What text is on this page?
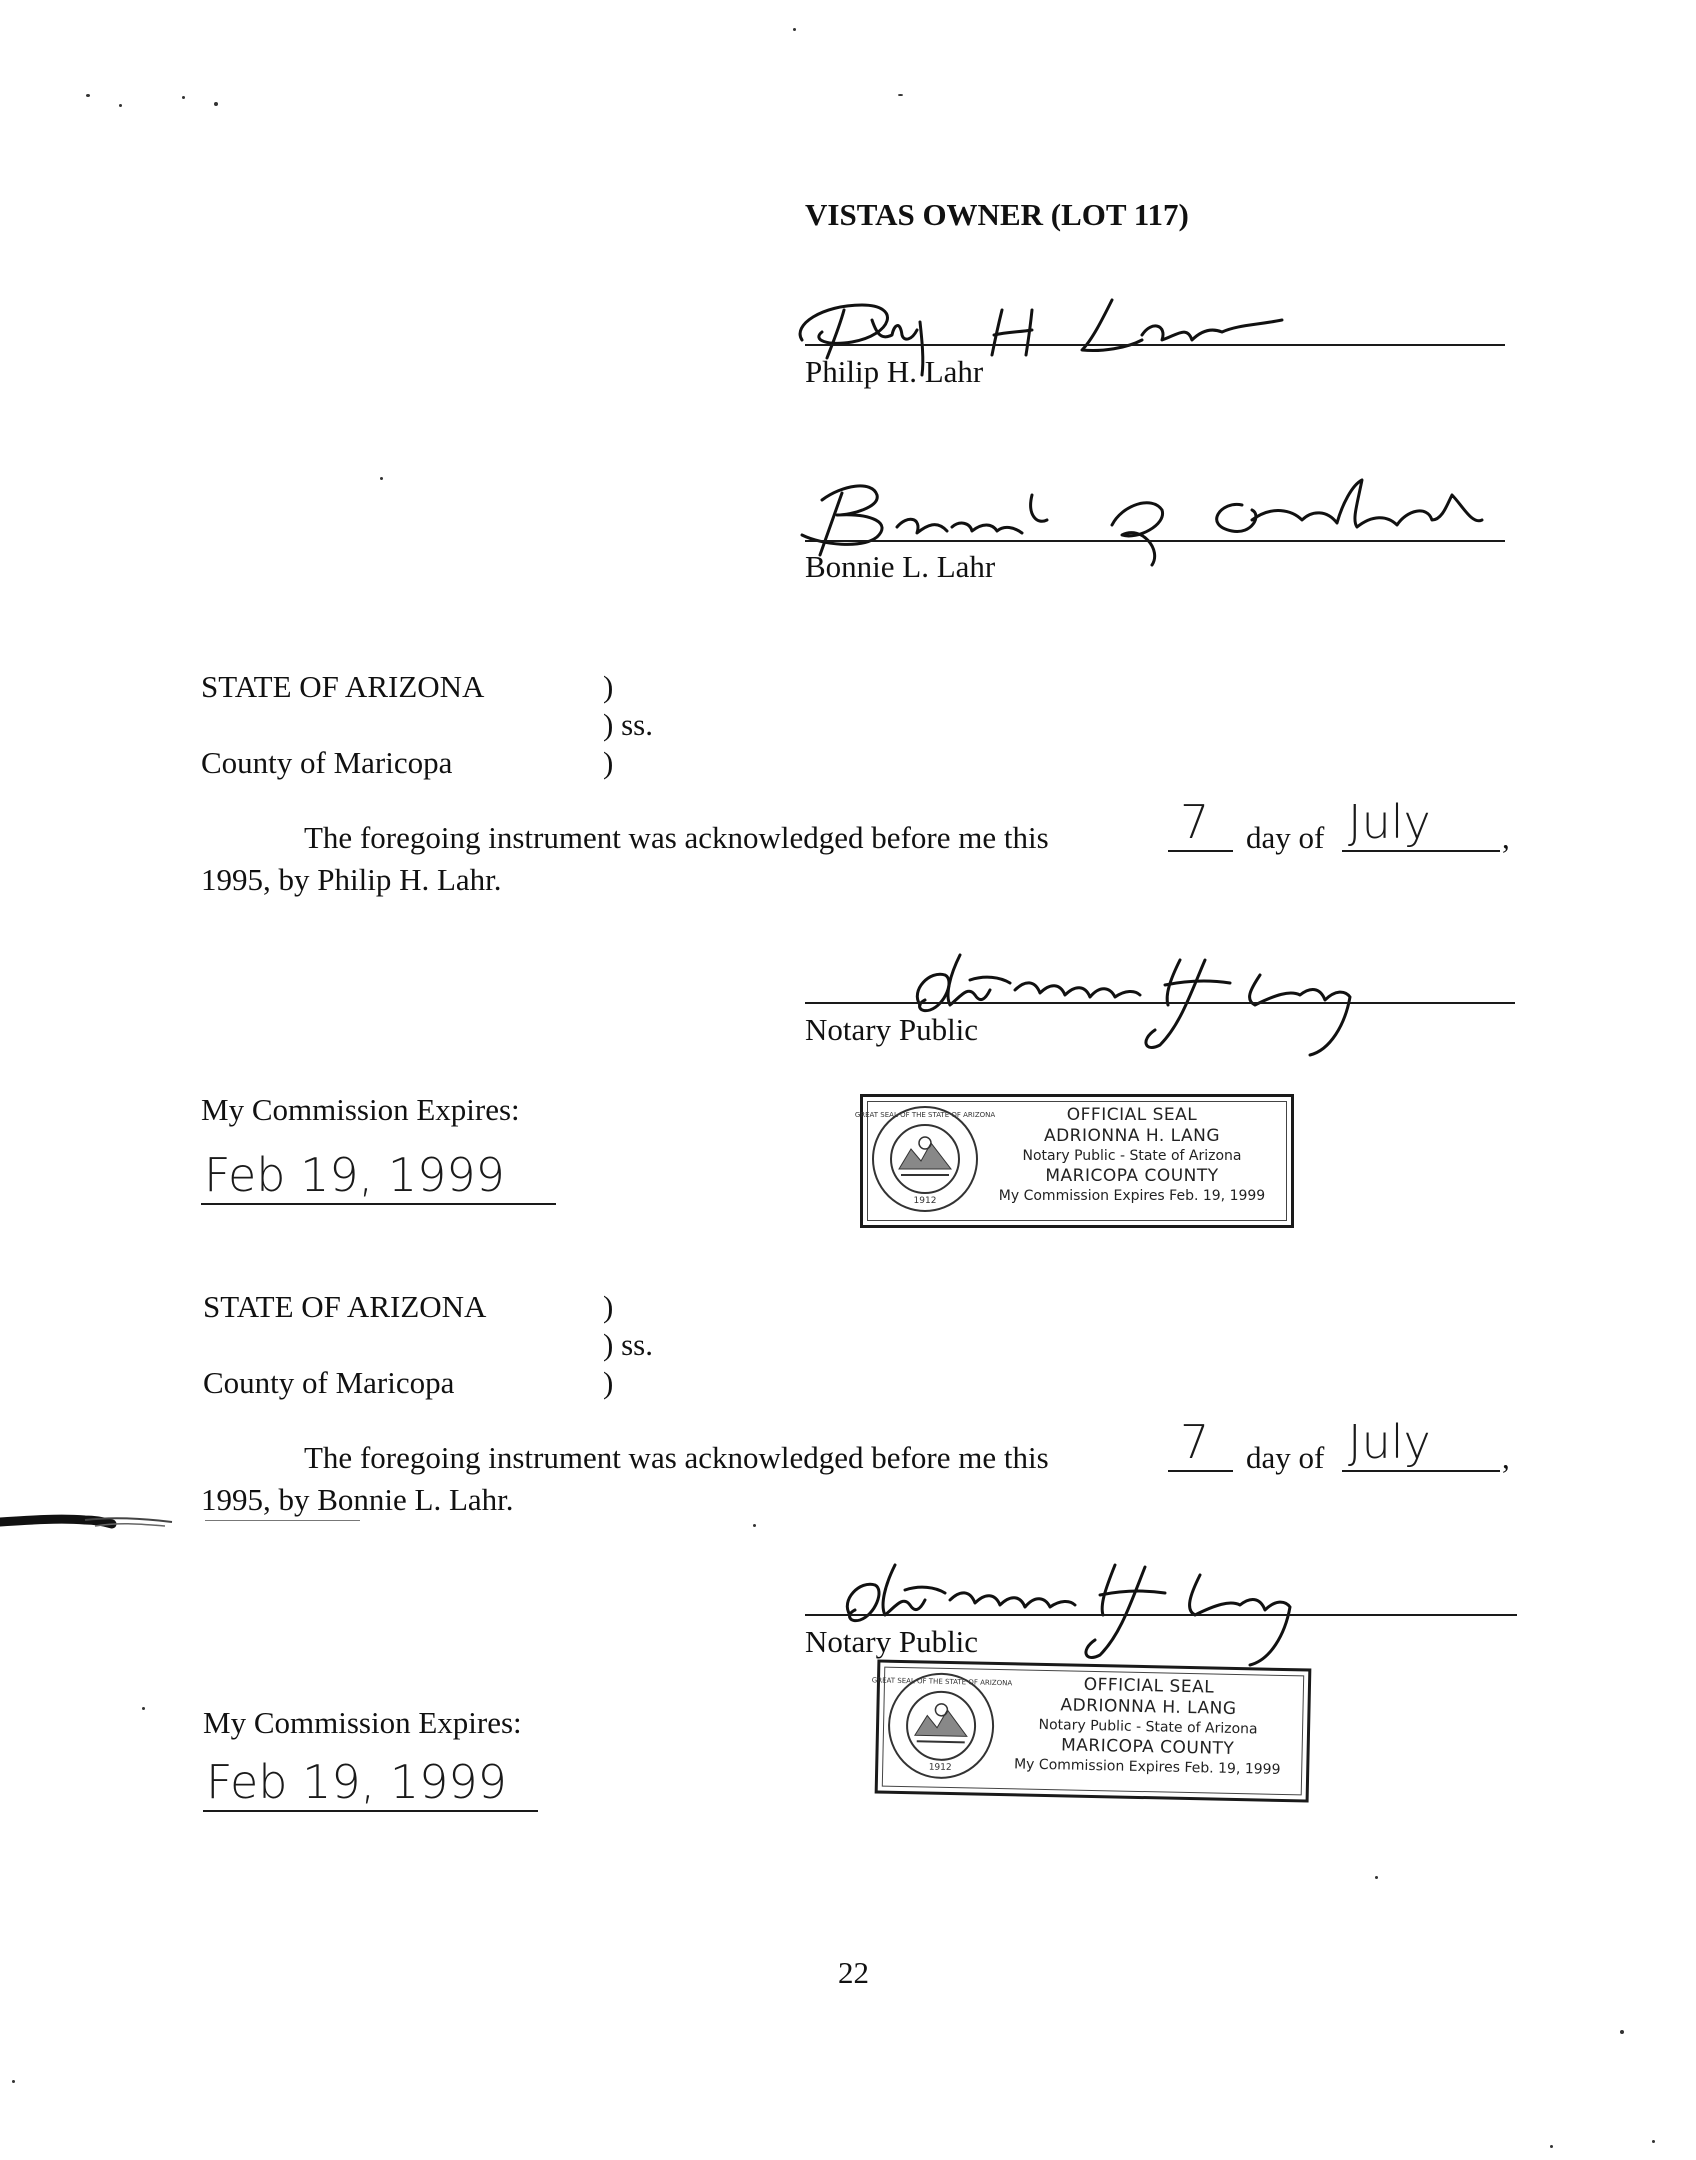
VISTAS OWNER (LOT 117)
Philip H. Lahr
Bonnie L. Lahr
STATE OF ARIZONA	)
) ss.
County of Maricopa	)
The foregoing instrument was acknowledged before me this	7 day of July ,
1995, by Philip H. Lahr.
Notary Public
My Commission Expires:
Feb 19, 1999
GREAT SEAL OF THE STATE OF ARIZONA
1912
OFFICIAL SEAL
ADRIONNA H. LANG
Notary Public - State of Arizona
MARICOPA COUNTY
My Commission Expires Feb. 19, 1999
STATE OF ARIZONA	)
) ss.
County of Maricopa	)
The foregoing instrument was acknowledged before me this	7 day of July ,
1995, by Bonnie L. Lahr.
Notary Public
My Commission Expires:
Feb 19, 1999
GREAT SEAL OF THE STATE OF ARIZONA
1912
OFFICIAL SEAL
ADRIONNA H. LANG
Notary Public - State of Arizona
MARICOPA COUNTY
My Commission Expires Feb. 19, 1999
22
